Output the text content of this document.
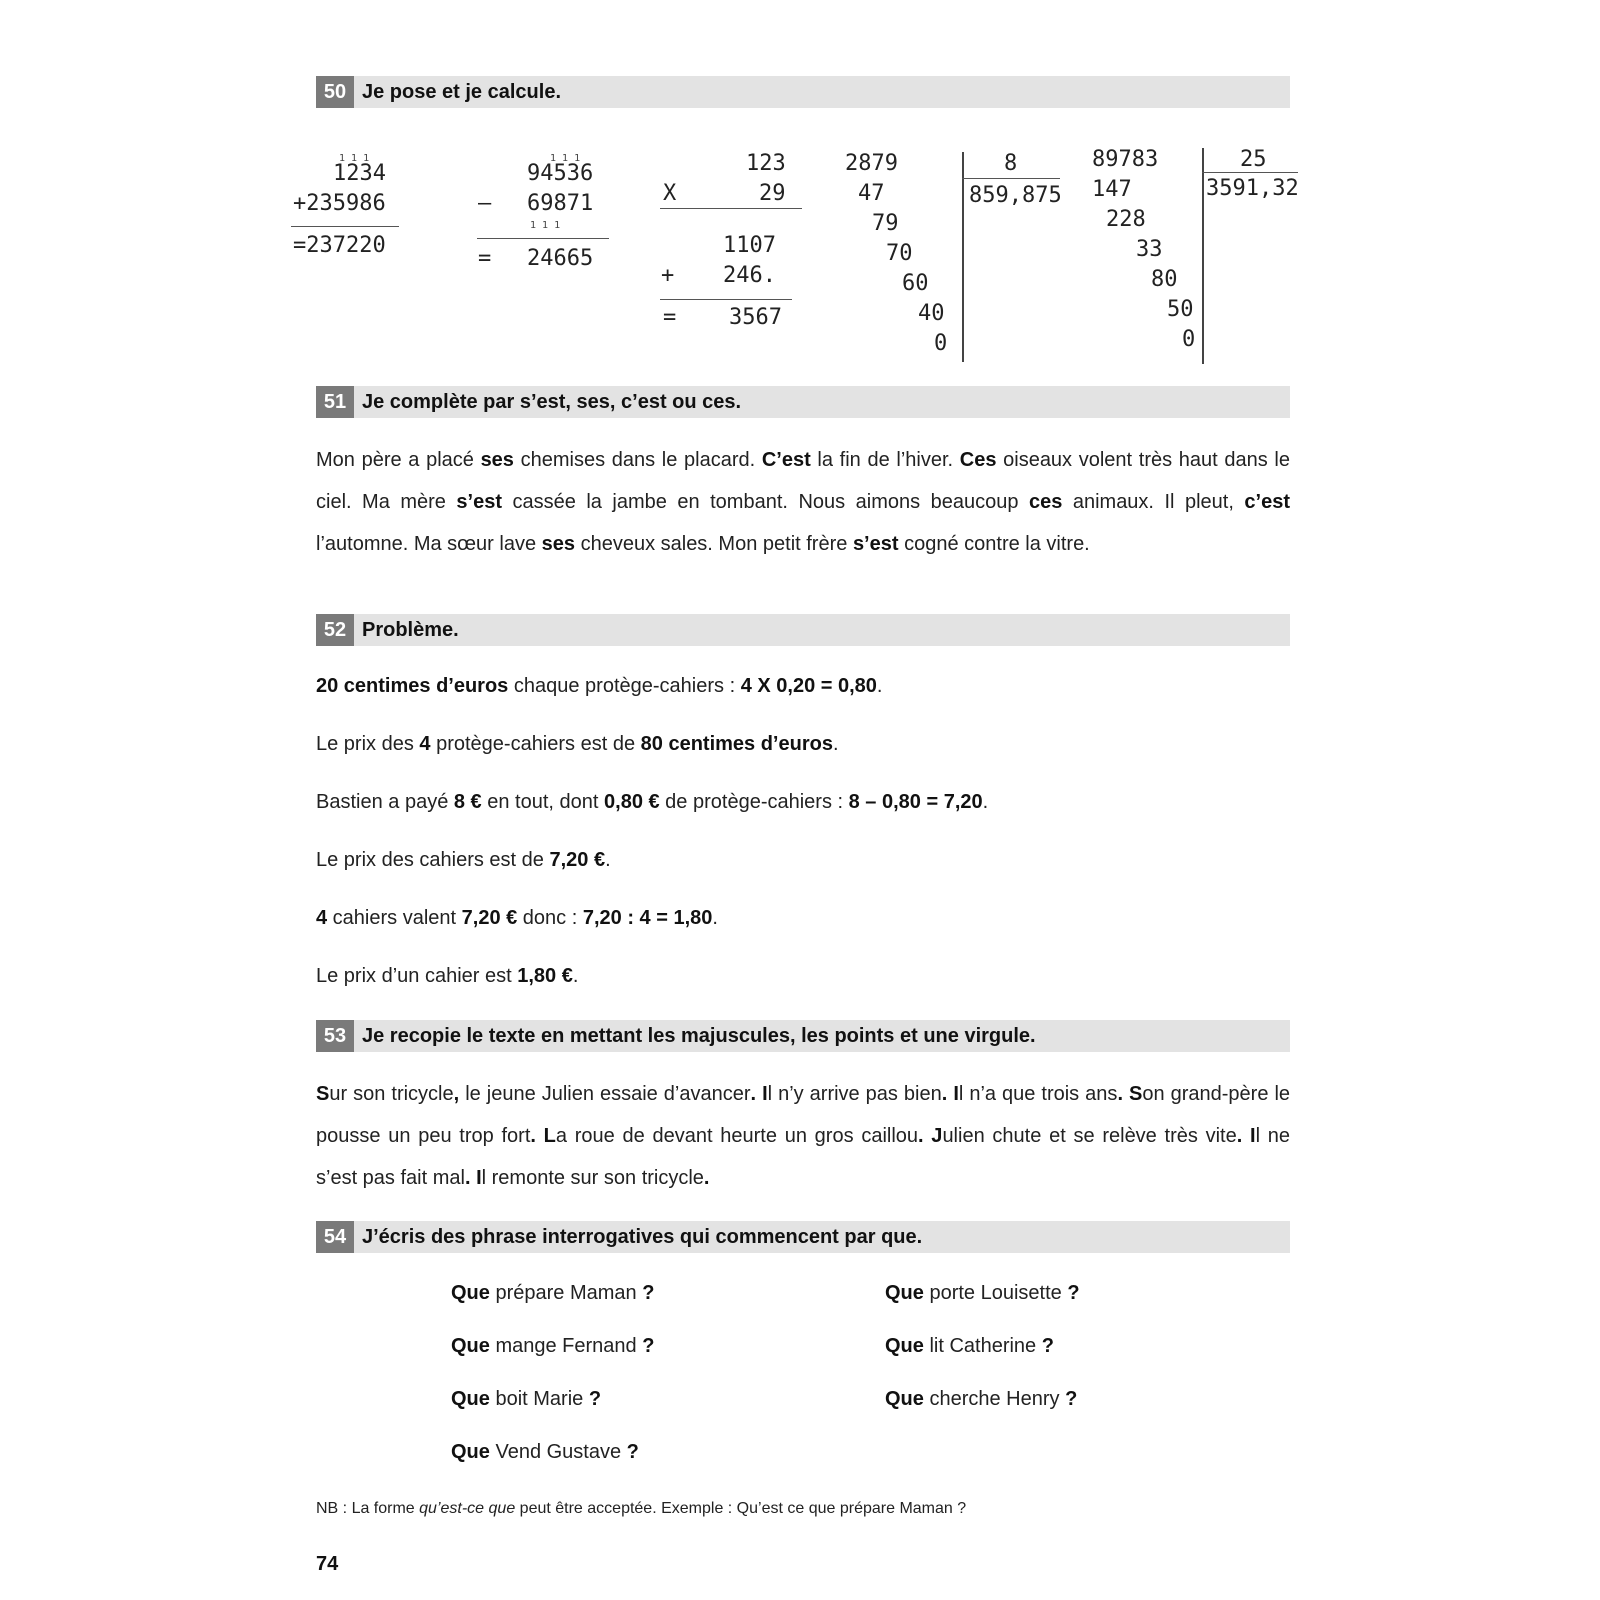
50 Je pose et je calcule.
1 1 1
1234
+235986
=237220
1 1 1
94536
– 69871
1 1 1
= 24665
123
X	29
1107
+ 246.
= 3567
2879
47
79
70
60
40
0
8
859,875
89783
147
228
33
80
50
0
25
3591,32
51 Je complète par s’est, ses, c’est ou ces.
Mon père a placé ses chemises dans le placard. C’est la fin de l’hiver. Ces oiseaux volent très haut dans le ciel. Ma mère s’est cassée la jambe en tombant. Nous aimons beaucoup ces animaux. Il pleut, c’est l’automne. Ma sœur lave ses cheveux sales. Mon petit frère s’est cogné contre la vitre.
52 Problème.
20 centimes d’euros chaque protège-cahiers : 4 X 0,20 = 0,80.
Le prix des 4 protège-cahiers est de 80 centimes d’euros.
Bastien a payé 8 € en tout, dont 0,80 € de protège-cahiers : 8 – 0,80 = 7,20.
Le prix des cahiers est de 7,20 €.
4 cahiers valent 7,20 € donc : 7,20 : 4 = 1,80.
Le prix d’un cahier est 1,80 €.
53 Je recopie le texte en mettant les majuscules, les points et une virgule.
Sur son tricycle, le jeune Julien essaie d’avancer. Il n’y arrive pas bien. Il n’a que trois ans. Son grand-père le pousse un peu trop fort. La roue de devant heurte un gros caillou. Julien chute et se relève très vite. Il ne s’est pas fait mal. Il remonte sur son tricycle.
54 J’écris des phrase interrogatives qui commencent par que.
Que prépare Maman ?
Que mange Fernand ?
Que boit Marie ?
Que Vend Gustave ?
Que porte Louisette ?
Que lit Catherine ?
Que cherche Henry ?
NB : La forme qu’est-ce que peut être acceptée. Exemple : Qu’est ce que prépare Maman ?
74
